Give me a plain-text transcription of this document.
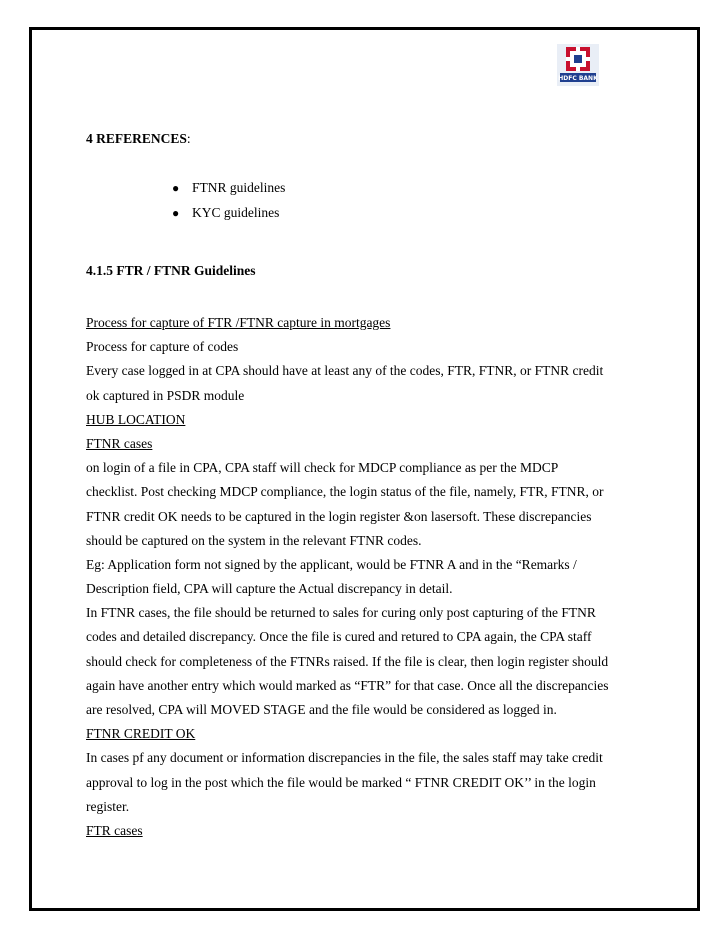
HDFC BANK
4 REFERENCES:
● FTNR guidelines
● KYC guidelines
4.1.5 FTR / FTNR Guidelines
Process for capture of FTR /FTNR capture in mortgages
Process for capture of codes
Every case logged in at CPA should have at least any of the codes, FTR, FTNR, or FTNR credit
ok captured in PSDR module
HUB LOCATION
FTNR cases
on login of a file in CPA, CPA staff will check for MDCP compliance as per the MDCP
checklist. Post checking MDCP compliance, the login status of the file, namely, FTR, FTNR, or
FTNR credit OK needs to be captured in the login register &on lasersoft. These discrepancies
should be captured on the system in the relevant FTNR codes.
Eg: Application form not signed by the applicant, would be FTNR A and in the “Remarks /
Description field, CPA will capture the Actual discrepancy in detail.
In FTNR cases, the file should be returned to sales for curing only post capturing of the FTNR
codes and detailed discrepancy. Once the file is cured and retured to CPA again, the CPA staff
should check for completeness of the FTNRs raised. If the file is clear, then login register should
again have another entry which would marked as “FTR” for that case. Once all the discrepancies
are resolved, CPA will MOVED STAGE and the file would be considered as logged in.
FTNR CREDIT OK
In cases pf any document or information discrepancies in the file, the sales staff may take credit
approval to log in the post which the file would be marked “ FTNR CREDIT OK’’ in the login
register.
FTR cases
